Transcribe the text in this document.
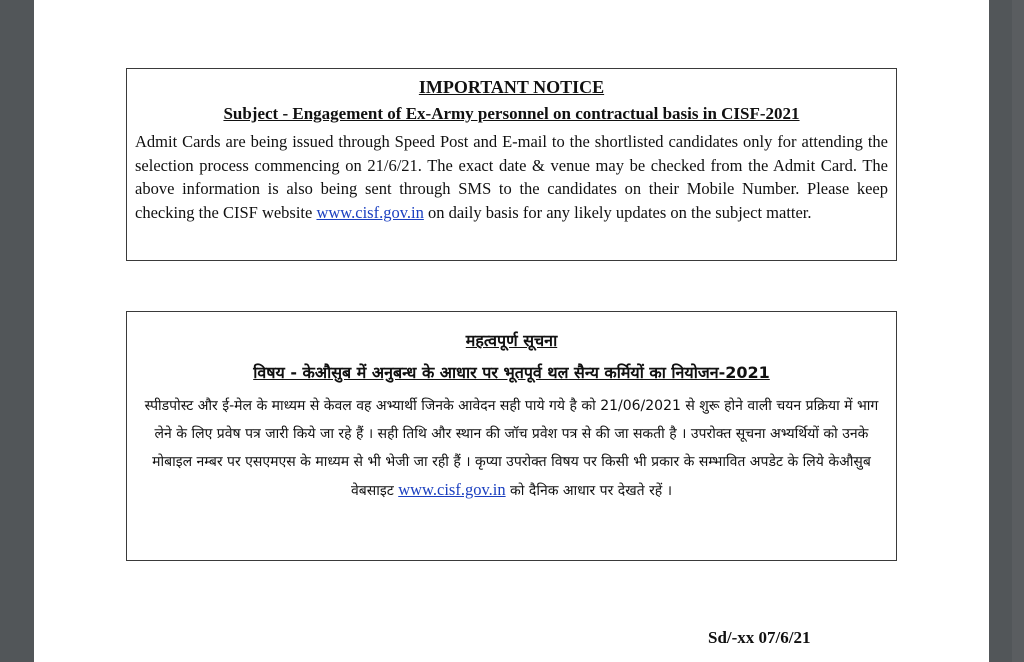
IMPORTANT NOTICE

Subject - Engagement of Ex-Army personnel on contractual basis in CISF-2021

Admit Cards are being issued through Speed Post and E-mail to the shortlisted candidates only for attending the selection process commencing on 21/6/21. The exact date & venue may be checked from the Admit Card. The above information is also being sent through SMS to the candidates on their Mobile Number. Please keep checking the CISF website www.cisf.gov.in on daily basis for any likely updates on the subject matter.

महत्वपूर्ण सूचना

विषय - केऔसुब में अनुबन्ध के आधार पर भूतपूर्व थल सैन्य कर्मियों का नियोजन-2021

स्पीडपोस्ट और ई-मेल के माध्यम से केवल वह अभ्यार्थी जिनके आवेदन सही पाये गये है को 21/06/2021 से शुरू होने वाली चयन प्रक्रिया में भाग लेने के लिए प्रवेष पत्र जारी किये जा रहे हैं । सही तिथि और स्थान की जॉच प्रवेश पत्र से की जा सकती है । उपरोक्त सूचना अभ्यर्थियों को उनके मोबाइल नम्बर पर एसएमएस के माध्यम से भी भेजी जा रही हैं । कृप्या उपरोक्त विषय पर किसी भी प्रकार के सम्भावित अपडेट के लिये केऔसुब वेबसाइट www.cisf.gov.in को दैनिक आधार पर देखते रहें ।

Sd/-xx 07/6/21
